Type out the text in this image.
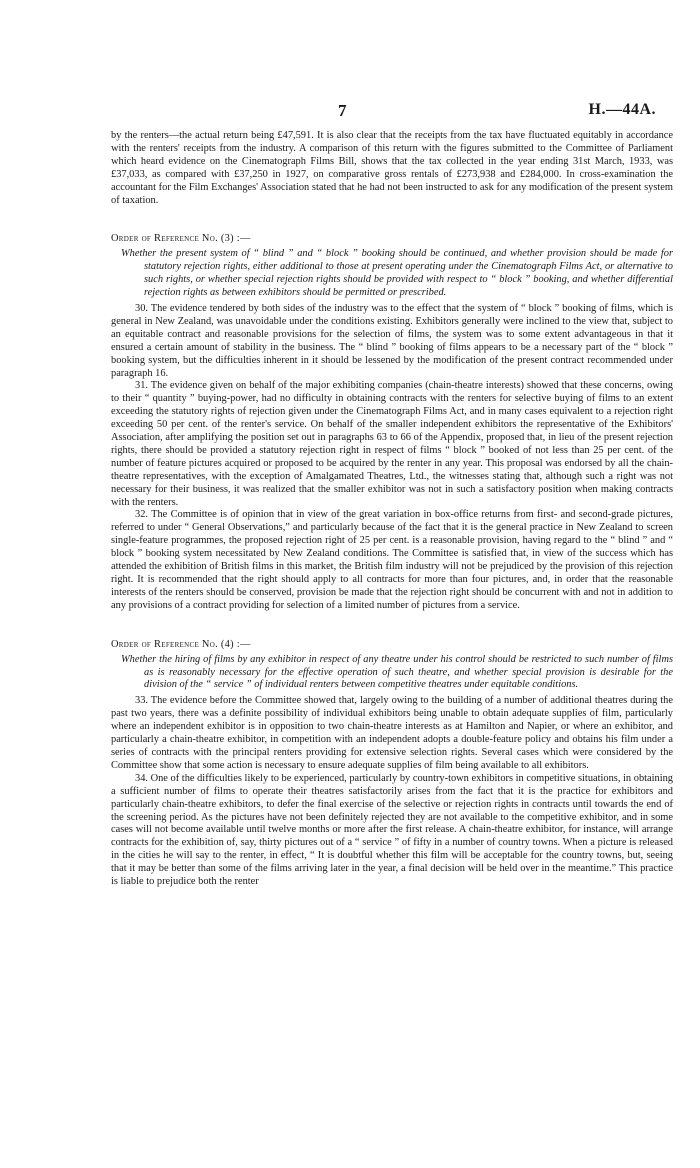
7	H.—44A.

by the renters—the actual return being £47,591. It is also clear that the receipts from the tax have fluctuated equitably in accordance with the renters' receipts from the industry. A comparison of this return with the figures submitted to the Committee of Parliament which heard evidence on the Cinematograph Films Bill, shows that the tax collected in the year ending 31st March, 1933, was £37,033, as compared with £37,250 in 1927, on comparative gross rentals of £273,938 and £284,000. In cross-examination the accountant for the Film Exchanges' Association stated that he had not been instructed to ask for any modification of the present system of taxation.

Order of Reference No. (3) :—

Whether the present system of “ blind ” and “ block ” booking should be continued, and whether provision should be made for statutory rejection rights, either additional to those at present operating under the Cinematograph Films Act, or alternative to such rights, or whether special rejection rights should be provided with respect to “ block ” booking, and whether differential rejection rights as between exhibitors should be permitted or prescribed.

30. The evidence tendered by both sides of the industry was to the effect that the system of “ block ” booking of films, which is general in New Zealand, was unavoidable under the conditions existing. Exhibitors generally were inclined to the view that, subject to an equitable contract and reasonable provisions for the selection of films, the system was to some extent advantageous in that it ensured a certain amount of stability in the business. The “ blind ” booking of films appears to be a necessary part of the “ block ” booking system, but the difficulties inherent in it should be lessened by the modification of the present contract recommended under paragraph 16.

31. The evidence given on behalf of the major exhibiting companies (chain-theatre interests) showed that these concerns, owing to their “ quantity ” buying-power, had no difficulty in obtaining contracts with the renters for selective buying of films to an extent exceeding the statutory rights of rejection given under the Cinematograph Films Act, and in many cases equivalent to a rejection right exceeding 50 per cent. of the renter's service. On behalf of the smaller independent exhibitors the representative of the Exhibitors' Association, after amplifying the position set out in paragraphs 63 to 66 of the Appendix, proposed that, in lieu of the present rejection rights, there should be provided a statutory rejection right in respect of films “ block ” booked of not less than 25 per cent. of the number of feature pictures acquired or proposed to be acquired by the renter in any year. This proposal was endorsed by all the chain-theatre representatives, with the exception of Amalgamated Theatres, Ltd., the witnesses stating that, although such a right was not necessary for their business, it was realized that the smaller exhibitor was not in such a satisfactory position when making contracts with the renters.

32. The Committee is of opinion that in view of the great variation in box-office returns from first- and second-grade pictures, referred to under “ General Observations,” and particularly because of the fact that it is the general practice in New Zealand to screen single-feature programmes, the proposed rejection right of 25 per cent. is a reasonable provision, having regard to the “ blind ” and “ block ” booking system necessitated by New Zealand conditions. The Committee is satisfied that, in view of the success which has attended the exhibition of British films in this market, the British film industry will not be prejudiced by the provision of this rejection right. It is recommended that the right should apply to all contracts for more than four pictures, and, in order that the reasonable interests of the renters should be conserved, provision be made that the rejection right should be concurrent with and not in addition to any provisions of a contract providing for selection of a limited number of pictures from a service.

Order of Reference No. (4) :—

Whether the hiring of films by any exhibitor in respect of any theatre under his control should be restricted to such number of films as is reasonably necessary for the effective operation of such theatre, and whether special provision is desirable for the division of the “ service ” of individual renters between competitive theatres under equitable conditions.

33. The evidence before the Committee showed that, largely owing to the building of a number of additional theatres during the past two years, there was a definite possibility of individual exhibitors being unable to obtain adequate supplies of film, particularly where an independent exhibitor is in opposition to two chain-theatre interests as at Hamilton and Napier, or where an exhibitor, and particularly a chain-theatre exhibitor, in competition with an independent adopts a double-feature policy and obtains his film under a series of contracts with the principal renters providing for extensive selection rights. Several cases which were considered by the Committee show that some action is necessary to ensure adequate supplies of film being available to all exhibitors.

34. One of the difficulties likely to be experienced, particularly by country-town exhibitors in competitive situations, in obtaining a sufficient number of films to operate their theatres satisfactorily arises from the fact that it is the practice for exhibitors and particularly chain-theatre exhibitors, to defer the final exercise of the selective or rejection rights in contracts until towards the end of the screening period. As the pictures have not been definitely rejected they are not available to the competitive exhibitor, and in some cases will not become available until twelve months or more after the first release. A chain-theatre exhibitor, for instance, will arrange contracts for the exhibition of, say, thirty pictures out of a “ service ” of fifty in a number of country towns. When a picture is released in the cities he will say to the renter, in effect, “ It is doubtful whether this film will be acceptable for the country towns, but, seeing that it may be better than some of the films arriving later in the year, a final decision will be held over in the meantime.” This practice is liable to prejudice both the renter
